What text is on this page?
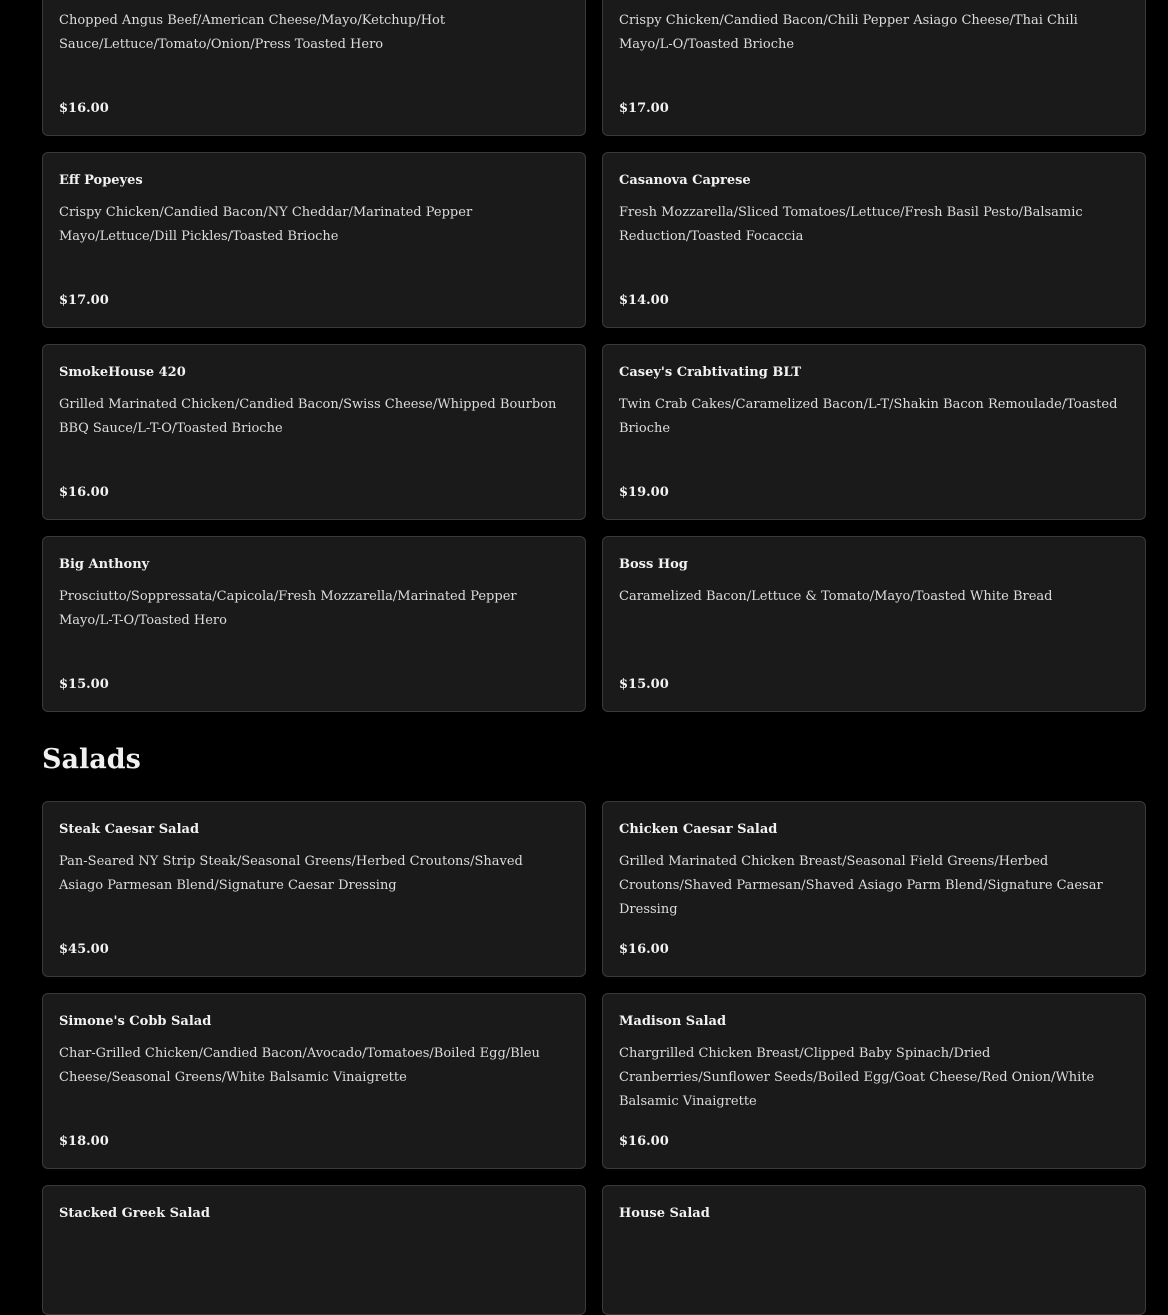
Chopped Angus Beef/American Cheese/Mayo/Ketchup/Hot Sauce/Lettuce/Tomato/Onion/Press Toasted Hero
$16.00
Crispy Chicken/Candied Bacon/Chili Pepper Asiago Cheese/Thai Chili Mayo/L-O/Toasted Brioche
$17.00
Eff Popeyes
Crispy Chicken/Candied Bacon/NY Cheddar/Marinated Pepper Mayo/Lettuce/Dill Pickles/Toasted Brioche
$17.00
Casanova Caprese
Fresh Mozzarella/Sliced Tomatoes/Lettuce/Fresh Basil Pesto/Balsamic Reduction/Toasted Focaccia
$14.00
SmokeHouse 420
Grilled Marinated Chicken/Candied Bacon/Swiss Cheese/Whipped Bourbon BBQ Sauce/L-T-O/Toasted Brioche
$16.00
Casey's Crabtivating BLT
Twin Crab Cakes/Caramelized Bacon/L-T/Shakin Bacon Remoulade/Toasted Brioche
$19.00
Big Anthony
Prosciutto/Soppressata/Capicola/Fresh Mozzarella/Marinated Pepper Mayo/L-T-O/Toasted Hero
$15.00
Boss Hog
Caramelized Bacon/Lettuce & Tomato/Mayo/Toasted White Bread
$15.00
Salads
Steak Caesar Salad
Pan-Seared NY Strip Steak/Seasonal Greens/Herbed Croutons/Shaved Asiago Parmesan Blend/Signature Caesar Dressing
$45.00
Chicken Caesar Salad
Grilled Marinated Chicken Breast/Seasonal Field Greens/Herbed Croutons/Shaved Parmesan/Shaved Asiago Parm Blend/Signature Caesar Dressing
$16.00
Simone's Cobb Salad
Char-Grilled Chicken/Candied Bacon/Avocado/Tomatoes/Boiled Egg/Bleu Cheese/Seasonal Greens/White Balsamic Vinaigrette
$18.00
Madison Salad
Chargrilled Chicken Breast/Clipped Baby Spinach/Dried Cranberries/Sunflower Seeds/Boiled Egg/Goat Cheese/Red Onion/White Balsamic Vinaigrette
$16.00
Stacked Greek Salad	House Salad
